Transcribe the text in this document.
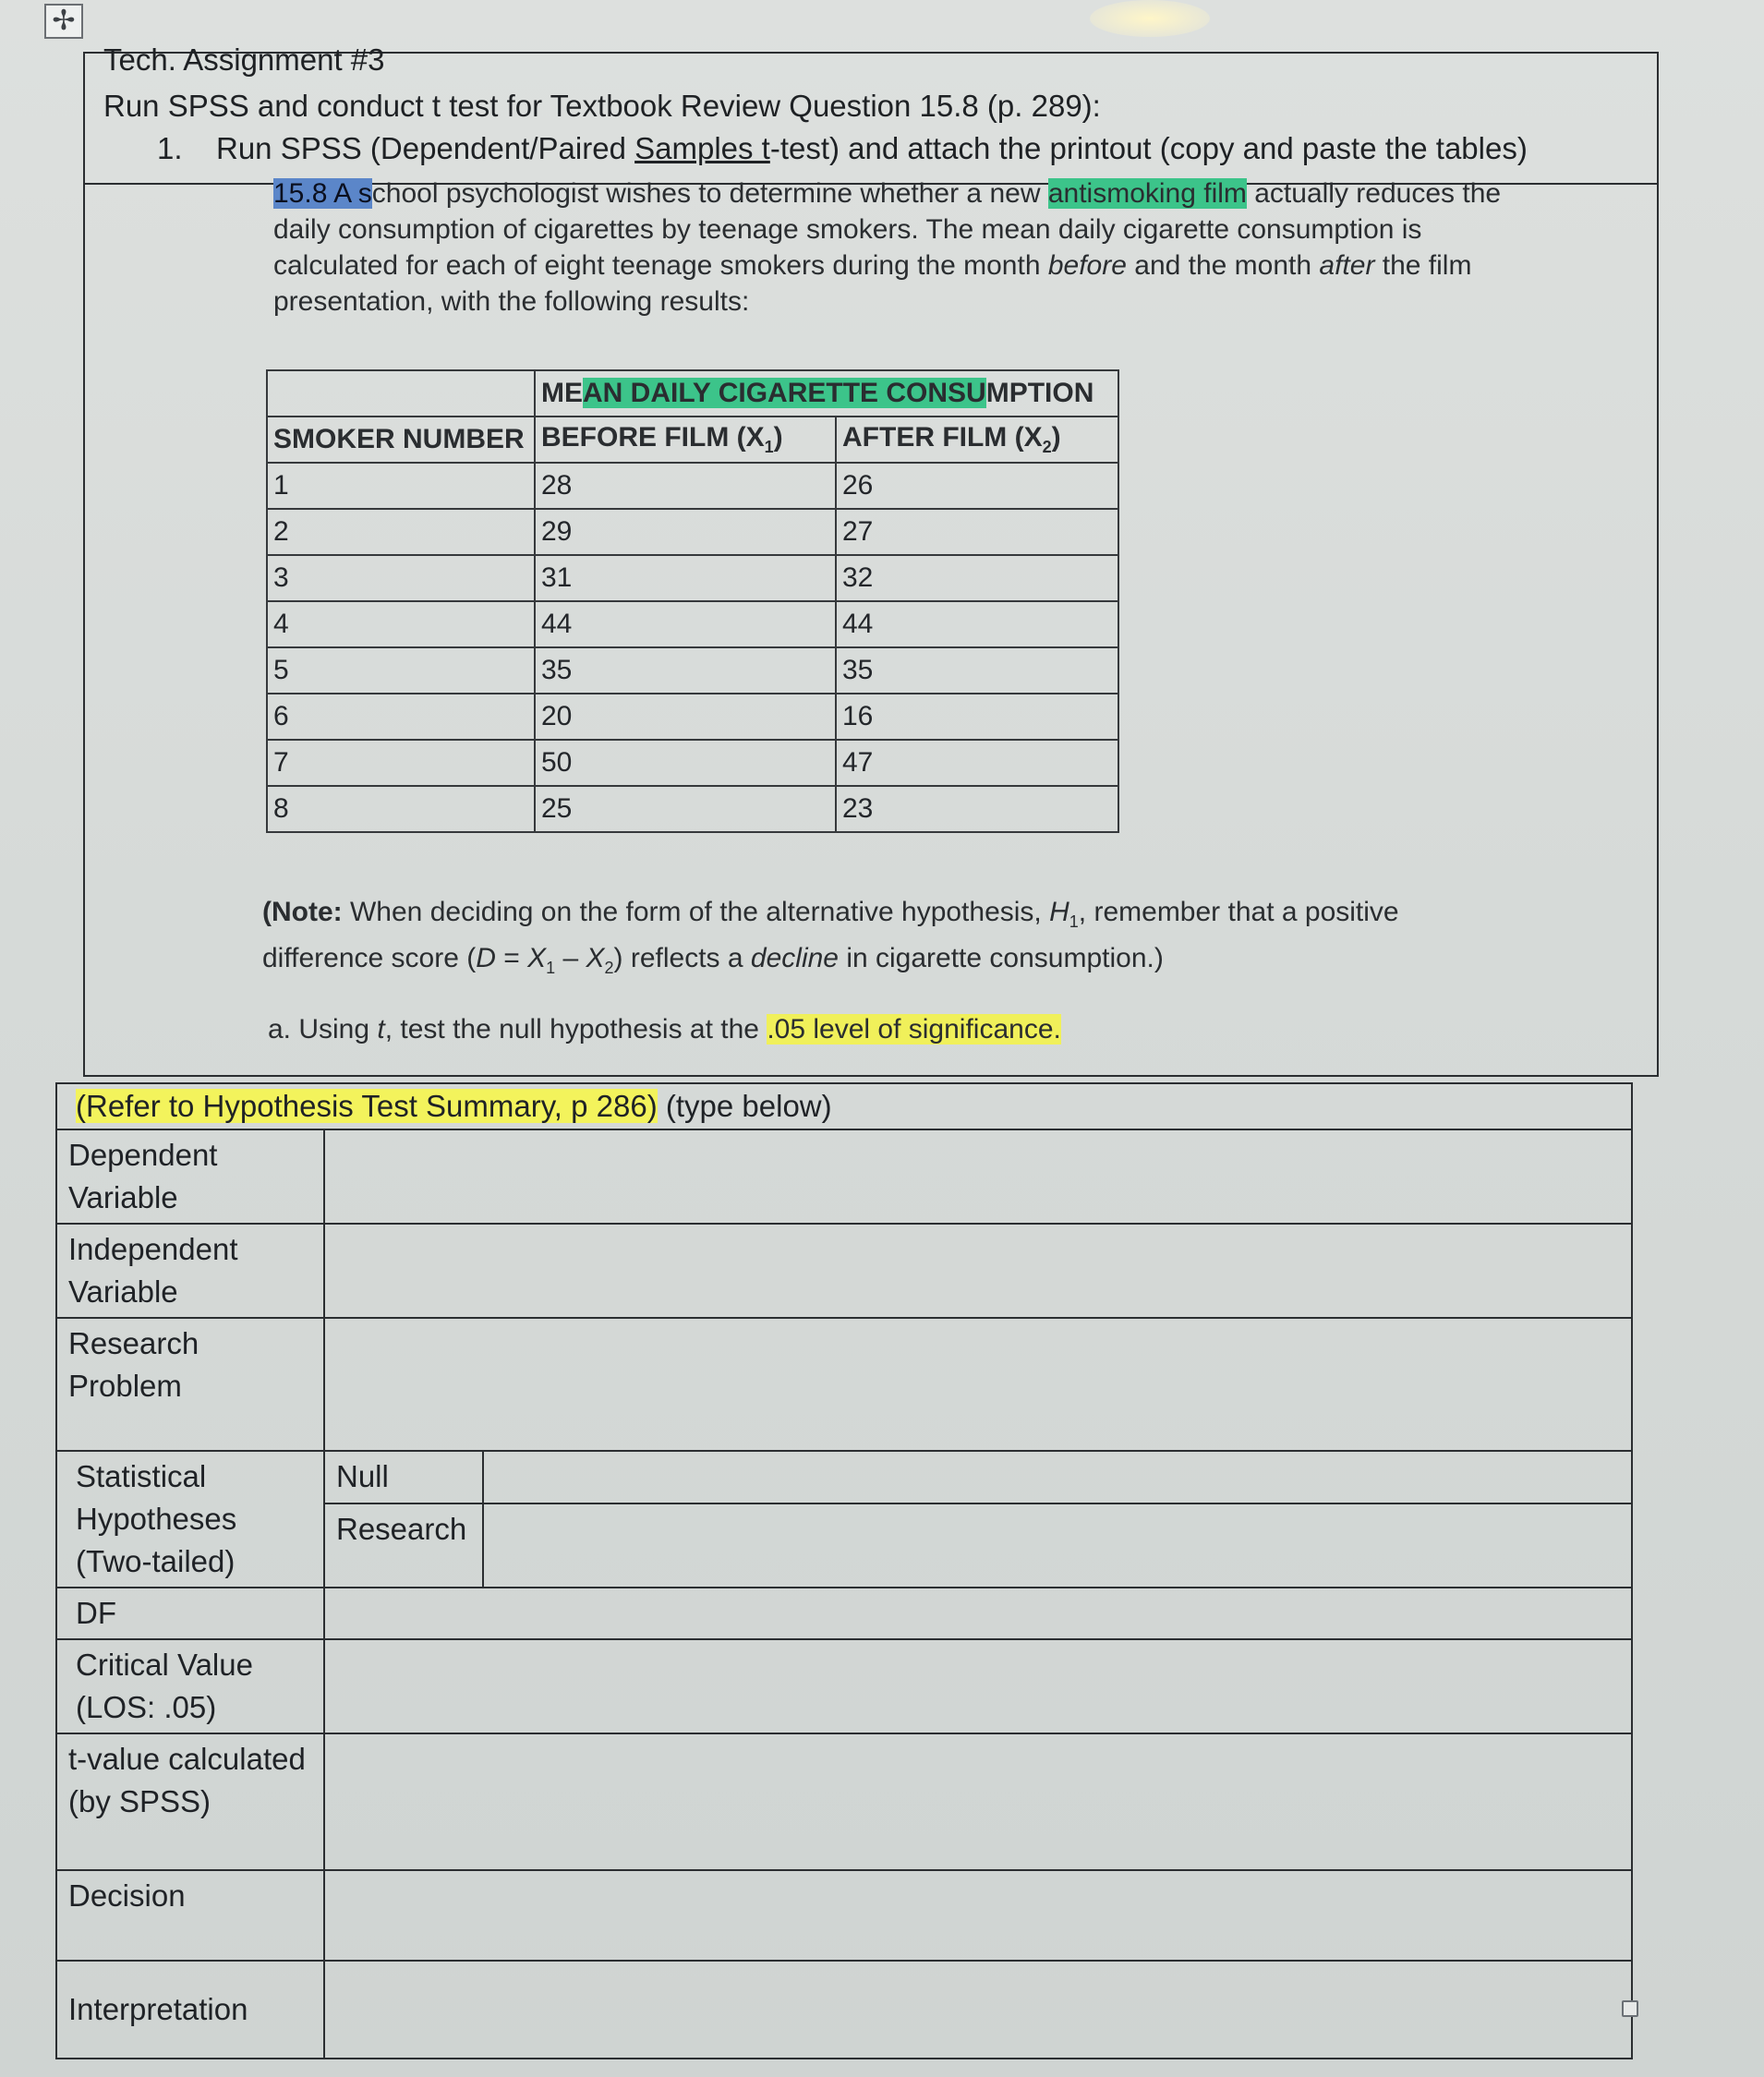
✢
Tech. Assignment #3
Run SPSS and conduct t test for Textbook Review Question 15.8 (p. 289):
1. Run SPSS (Dependent/Paired Samples t-test) and attach the printout (copy and paste the tables)
15.8 A school psychologist wishes to determine whether a new antismoking film actually reduces the daily consumption of cigarettes by teenage smokers. The mean daily cigarette consumption is calculated for each of eight teenage smokers during the month before and the month after the film presentation, with the following results:
	MEAN DAILY CIGARETTE CONSUMPTION	
SMOKER NUMBER	BEFORE FILM $(X_1)$	AFTER FILM $(X_2)$
1	28	26
2	29	27
3	31	32
4	44	44
5	35	35
6	20	16
7	50	47
8	25	23
(Note: When deciding on the form of the alternative hypothesis, $H_1$, remember that a positive difference score $(D = X_1 - X_2)$ reflects a decline in cigarette consumption.)
a. Using t, test the null hypothesis at the .05 level of significance.
(Refer to Hypothesis Test Summary, p 286) (type below)		
Dependent Variable		
Independent Variable		
Research Problem		
Statistical Hypotheses (Two-tailed)	Null	
	Research	
DF		
Critical Value (LOS: .05)		
t-value calculated (by SPSS)		
Decision		
Interpretation		
